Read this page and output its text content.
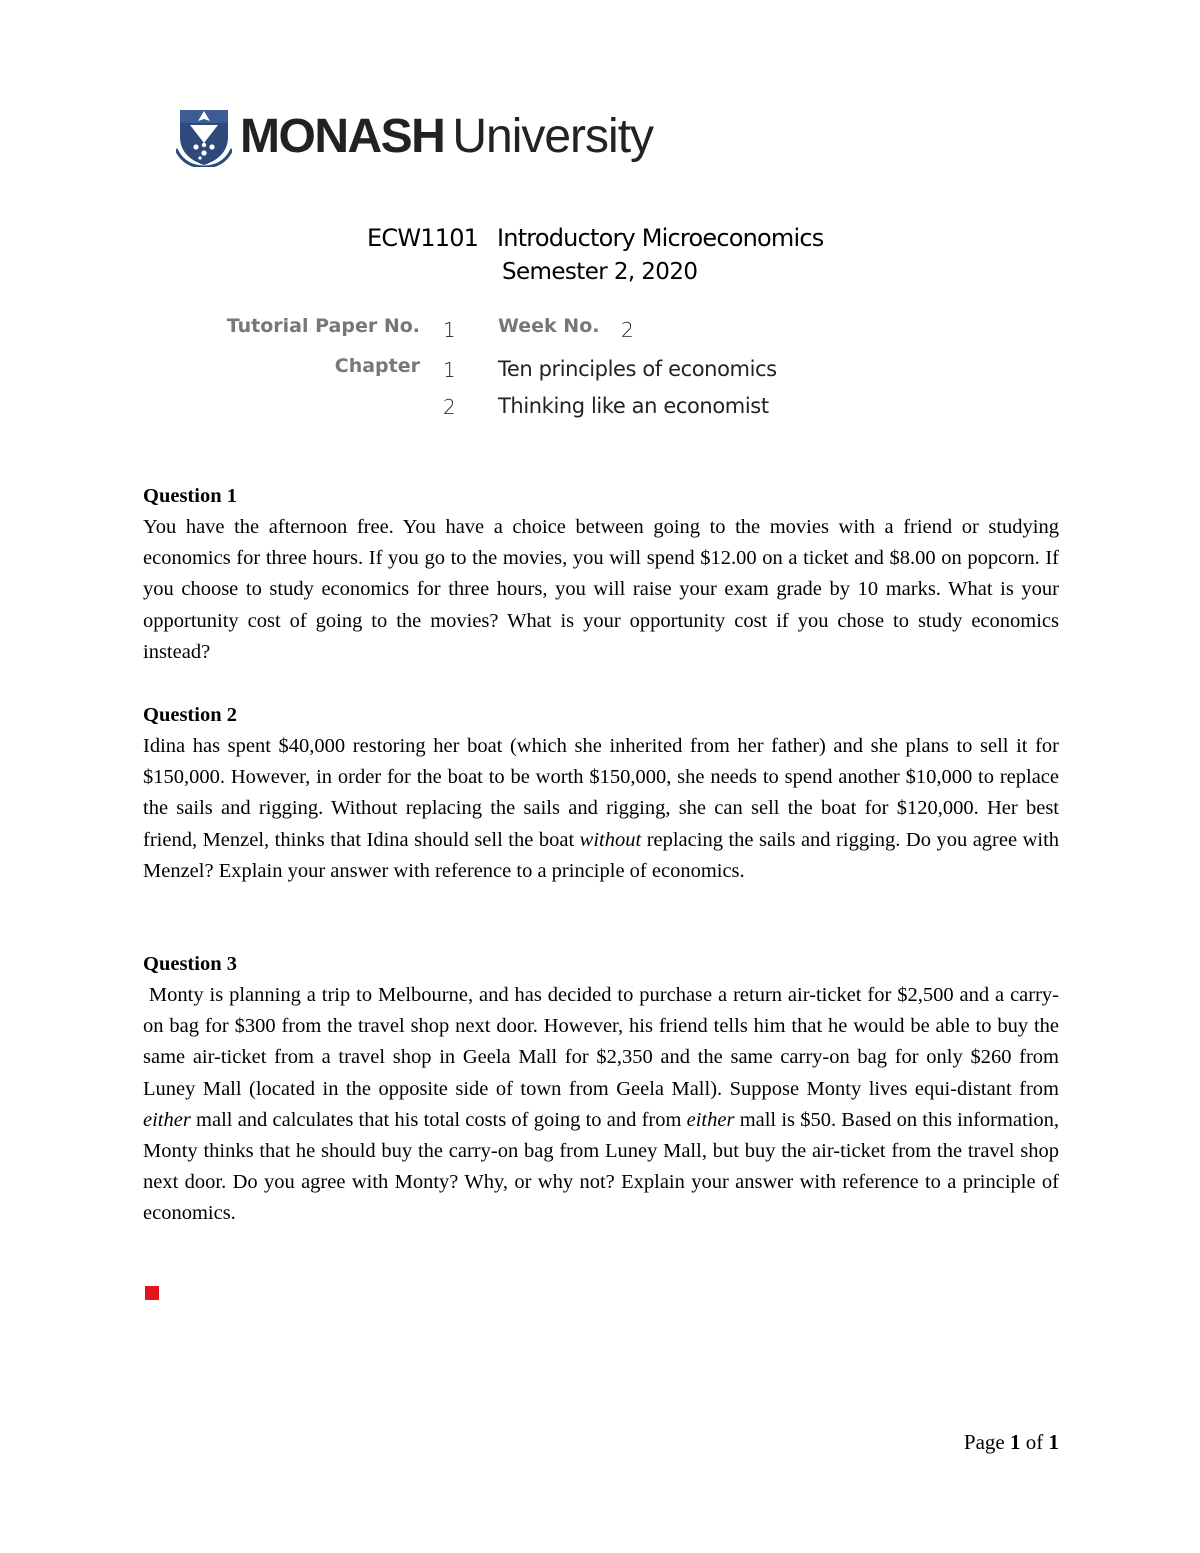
MONASH University
ECW1101 Introductory Microeconomics
Semester 2, 2020
Tutorial Paper No. 1 Week No. 2
Chapter 1 Ten principles of economics
2 Thinking like an economist

Question 1

You have the afternoon free. You have a choice between going to the movies with a friend or studying economics for three hours. If you go to the movies, you will spend $12.00 on a ticket and $8.00 on popcorn. If you choose to study economics for three hours, you will raise your exam grade by 10 marks. What is your opportunity cost of going to the movies? What is your opportunity cost if you chose to study economics instead?

Question 2

Idina has spent $40,000 restoring her boat (which she inherited from her father) and she plans to sell it for $150,000. However, in order for the boat to be worth $150,000, she needs to spend another $10,000 to replace the sails and rigging. Without replacing the sails and rigging, she can sell the boat for $120,000. Her best friend, Menzel, thinks that Idina should sell the boat without replacing the sails and rigging. Do you agree with Menzel? Explain your answer with reference to a principle of economics.

Question 3

Monty is planning a trip to Melbourne, and has decided to purchase a return air-ticket for $2,500 and a carry-on bag for $300 from the travel shop next door. However, his friend tells him that he would be able to buy the same air-ticket from a travel shop in Geela Mall for $2,350 and the same carry-on bag for only $260 from Luney Mall (located in the opposite side of town from Geela Mall). Suppose Monty lives equi-distant from either mall and calculates that his total costs of going to and from either mall is $50. Based on this information, Monty thinks that he should buy the carry-on bag from Luney Mall, but buy the air-ticket from the travel shop next door. Do you agree with Monty? Why, or why not? Explain your answer with reference to a principle of economics.

Page 1 of 1
